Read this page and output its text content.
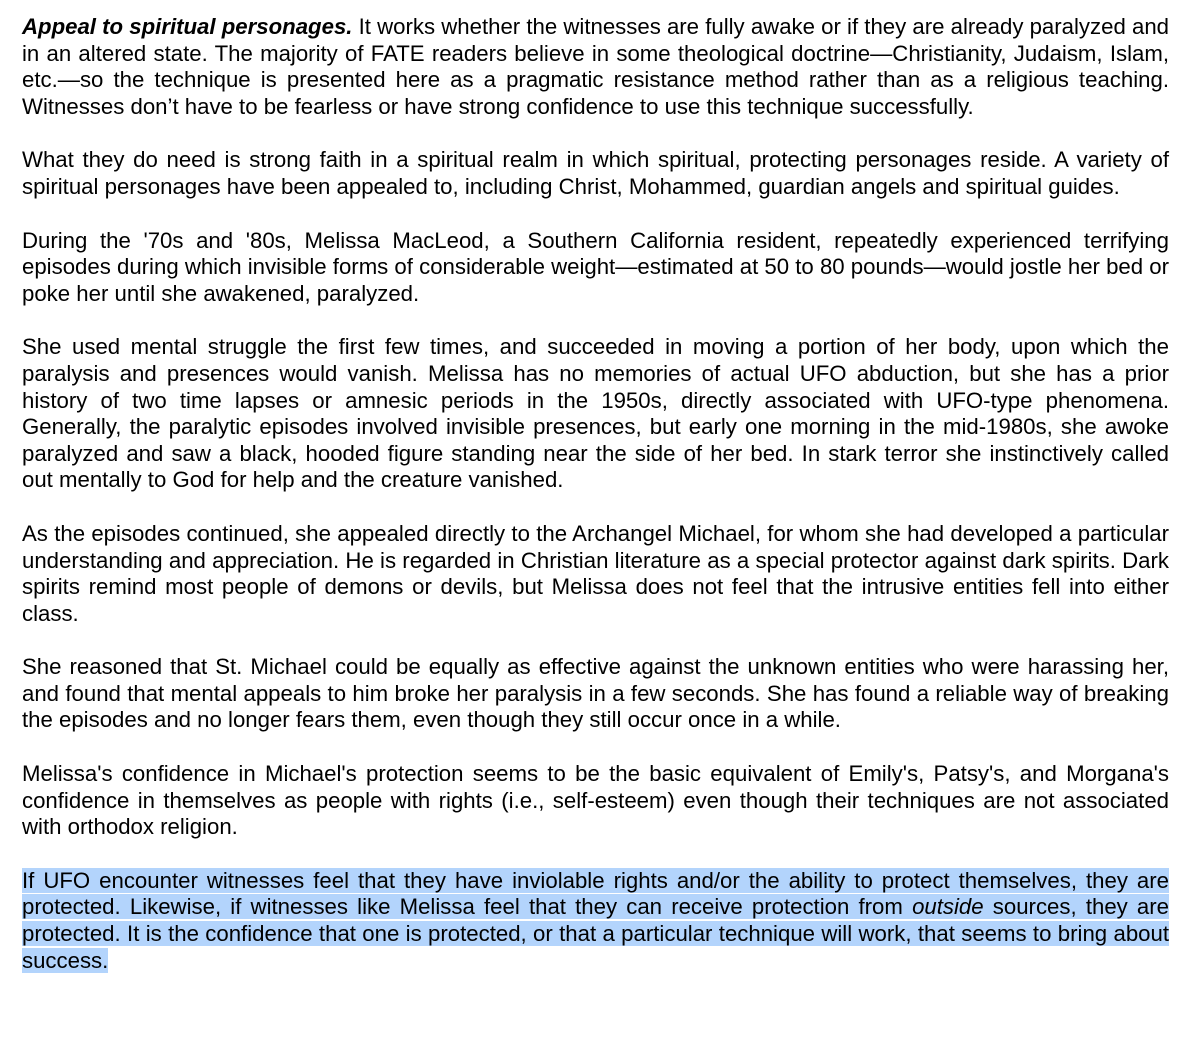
Appeal to spiritual personages. It works whether the witnesses are fully awake or if they are already paralyzed and in an altered state. The majority of FATE readers believe in some theological doctrine—Christianity, Judaism, Islam, etc.—so the technique is presented here as a pragmatic resistance method rather than as a religious teaching. Witnesses don’t have to be fearless or have strong confidence to use this technique successfully.

What they do need is strong faith in a spiritual realm in which spiritual, protecting personages reside. A variety of spiritual personages have been appealed to, including Christ, Mohammed, guardian angels and spiritual guides.

During the '70s and '80s, Melissa MacLeod, a Southern California resident, repeatedly experienced terrifying episodes during which invisible forms of considerable weight—estimated at 50 to 80 pounds—would jostle her bed or poke her until she awakened, paralyzed.

She used mental struggle the first few times, and succeeded in moving a portion of her body, upon which the paralysis and presences would vanish. Melissa has no memories of actual UFO abduction, but she has a prior history of two time lapses or amnesic periods in the 1950s, directly associated with UFO-type phenomena. Generally, the paralytic episodes involved invisible presences, but early one morning in the mid-1980s, she awoke paralyzed and saw a black, hooded figure standing near the side of her bed. In stark terror she instinctively called out mentally to God for help and the creature vanished.

As the episodes continued, she appealed directly to the Archangel Michael, for whom she had developed a particular understanding and appreciation. He is regarded in Christian literature as a special protector against dark spirits. Dark spirits remind most people of demons or devils, but Melissa does not feel that the intrusive entities fell into either class.

She reasoned that St. Michael could be equally as effective against the unknown entities who were harassing her, and found that mental appeals to him broke her paralysis in a few seconds. She has found a reliable way of breaking the episodes and no longer fears them, even though they still occur once in a while.

Melissa's confidence in Michael's protection seems to be the basic equivalent of Emily's, Patsy's, and Morgana's confidence in themselves as people with rights (i.e., self-esteem) even though their techniques are not associated with orthodox religion.

If UFO encounter witnesses feel that they have inviolable rights and/or the ability to protect themselves, they are protected. Likewise, if witnesses like Melissa feel that they can receive protection from outside sources, they are protected. It is the confidence that one is protected, or that a particular technique will work, that seems to bring about success.
